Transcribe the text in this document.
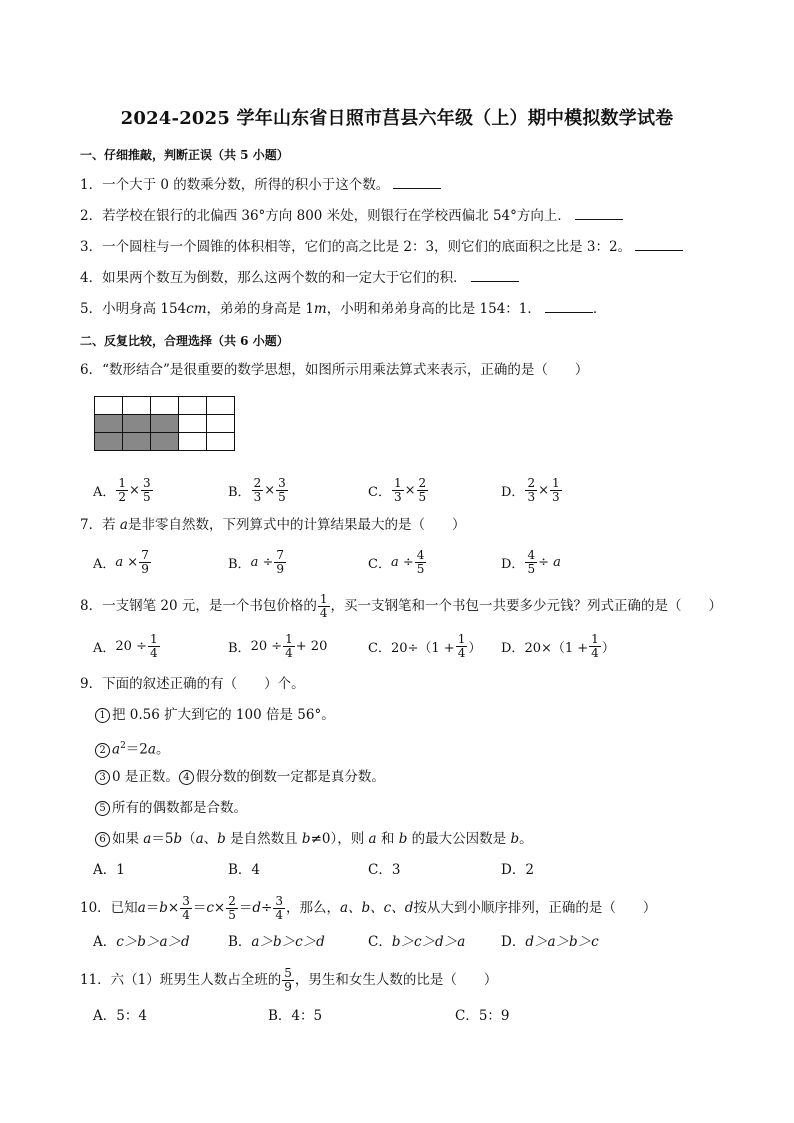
2024-2025 学年山东省日照市莒县六年级（上）期中模拟数学试卷
一、仔细推敲，判断正误（共 5 小题）
1．一个大于 0 的数乘分数，所得的积小于这个数。
2．若学校在银行的北偏西 36°方向 800 米处，则银行在学校西偏北 54°方向上．
3．一个圆柱与一个圆锥的体积相等，它们的高之比是 2：3，则它们的底面积之比是 3：2。
4．如果两个数互为倒数，那么这两个数的和一定大于它们的积．
5．小明身高 154cm，弟弟的身高是 1m，小明和弟弟身高的比是 154：1．	．
二、反复比较，合理选择（共 6 小题）
6．“数形结合”是很重要的数学思想，如图所示用乘法算式来表示，正确的是（　　）

A． $\frac{1}{2} \times \frac{3}{5}$	B． $\frac{2}{3} \times \frac{3}{5}$	C． $\frac{1}{3} \times \frac{2}{5}$	D． $\frac{2}{3} \times \frac{1}{3}$
7．若 a是非零自然数，下列算式中的计算结果最大的是（　　）
A． a
× $\frac{7}{9}$	B． a
÷ $\frac{7}{9}$	C． a
÷ $\frac{4}{5}$	D． $\frac{4}{5}$ ÷
a
8．一支钢笔 20 元，是一个书包价格的 $\frac{1}{4}$ ，买一支钢笔和一个书包一共要多少元钱？列式正确的是（　　）
A． $20 \div \frac{1}{4}$	B． $20 \div \frac{1}{4} + 20$	C． $20\div(1 + \frac{1}{4}$ ） D． $20\times(1 + \frac{1}{4}$ ）
9．下面的叙述正确的有（　　）个。
1 把 0.56 扩大到它的 100 倍是 56°。
2 $a^2=2a$。
3 0 是正数。 4 假分数的倒数一定都是真分数。
5 所有的偶数都是合数。
6 如果 a＝5b（a、b 是自然数且 b≠0），则 a 和 b 的最大公因数是 b。
A．1	B．4	C．3	D．2
10．已知 $a = b \times \frac{3}{4} = c \times \frac{2}{5} = d \div \frac{3}{4}$ ，那么， a、b、c、d 按从大到小顺序排列，正确的是（　　）
A．c＞b＞a＞d	B．a＞b＞c＞d	C．b＞c＞d＞a	D．d＞a＞b＞c
11．六（1）班男生人数占全班的 $\frac{5}{9}$ ，男生和女生人数的比是（　　）
A．5：4	B．4：5	C．5：9
